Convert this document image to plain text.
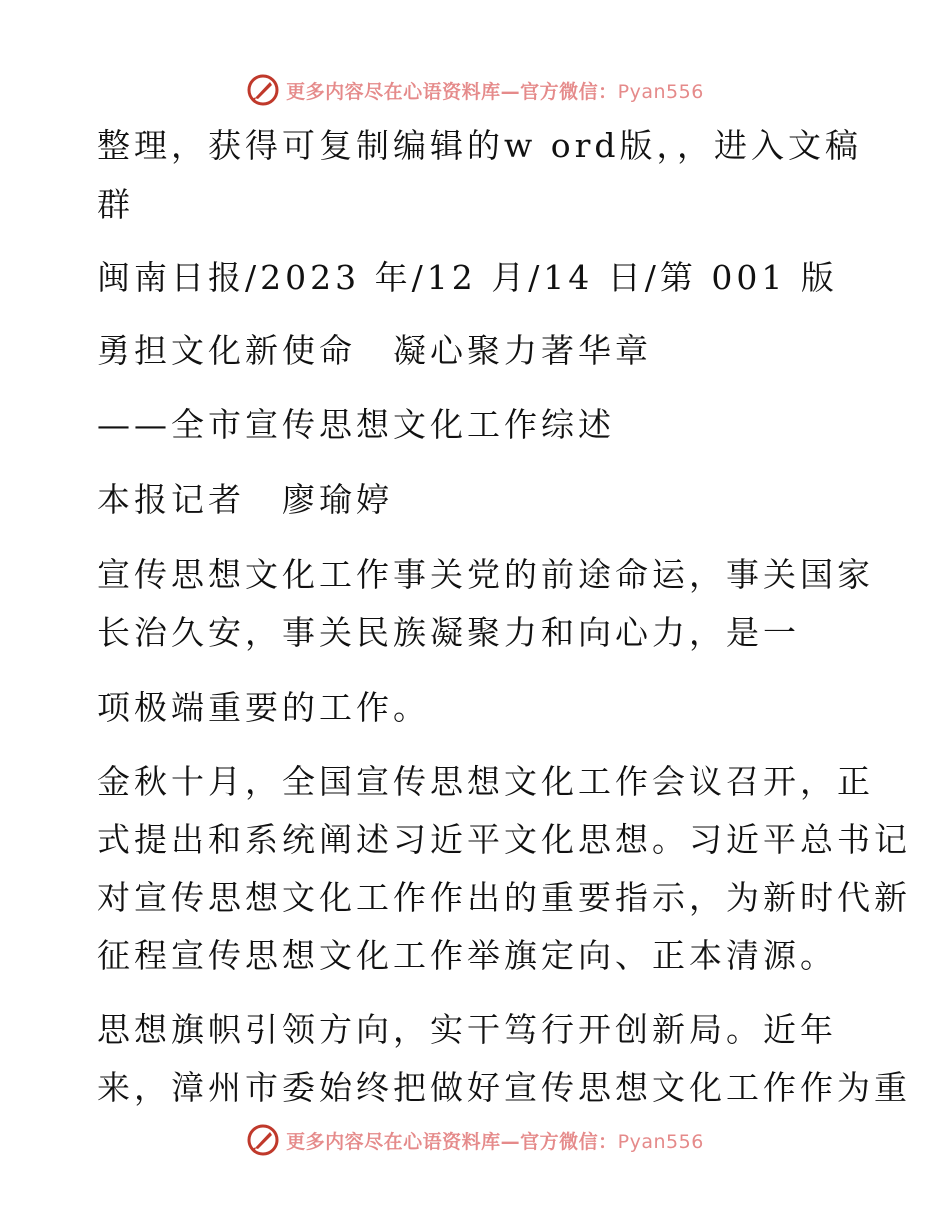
更多内容尽在心语资料库—官方微信：Pyan556
整理，获得可复制编辑的w ord版，，进入文稿
群
闽南日报/2023 年/12 月/14 日/第 001 版
勇担文化新使命　凝心聚力著华章
——全市宣传思想文化工作综述
本报记者　廖瑜婷
宣传思想文化工作事关党的前途命运，事关国家
长治久安，事关民族凝聚力和向心力，是一
项极端重要的工作。
金秋十月，全国宣传思想文化工作会议召开，正
式提出和系统阐述习近平文化思想。习近平总书记
对宣传思想文化工作作出的重要指示，为新时代新
征程宣传思想文化工作举旗定向、正本清源。
思想旗帜引领方向，实干笃行开创新局。近年
来，漳州市委始终把做好宣传思想文化工作作为重
更多内容尽在心语资料库—官方微信：Pyan556
